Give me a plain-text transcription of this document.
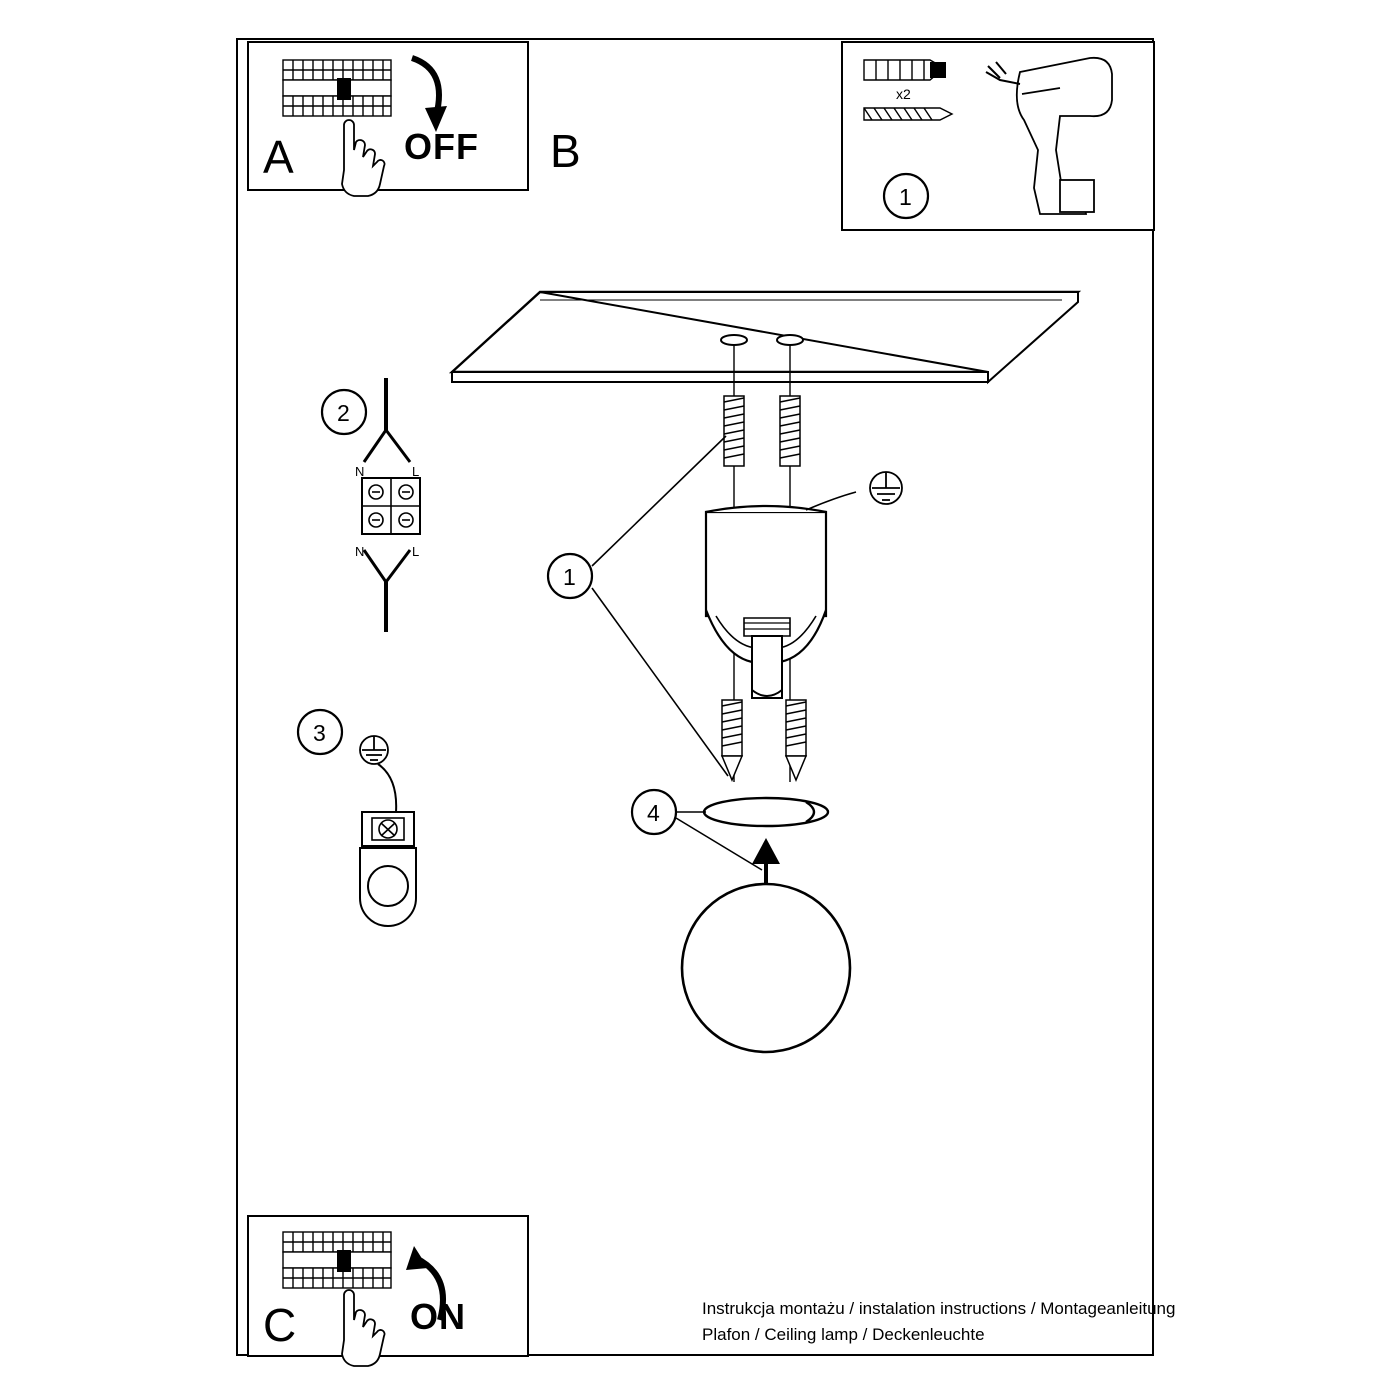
A	OFF B
x2
1
C	ON
2
N	L
N	L
3
1
4
Instrukcja montażu / instalation instructions / Montageanleitung
Plafon / Ceiling lamp / Deckenleuchte
